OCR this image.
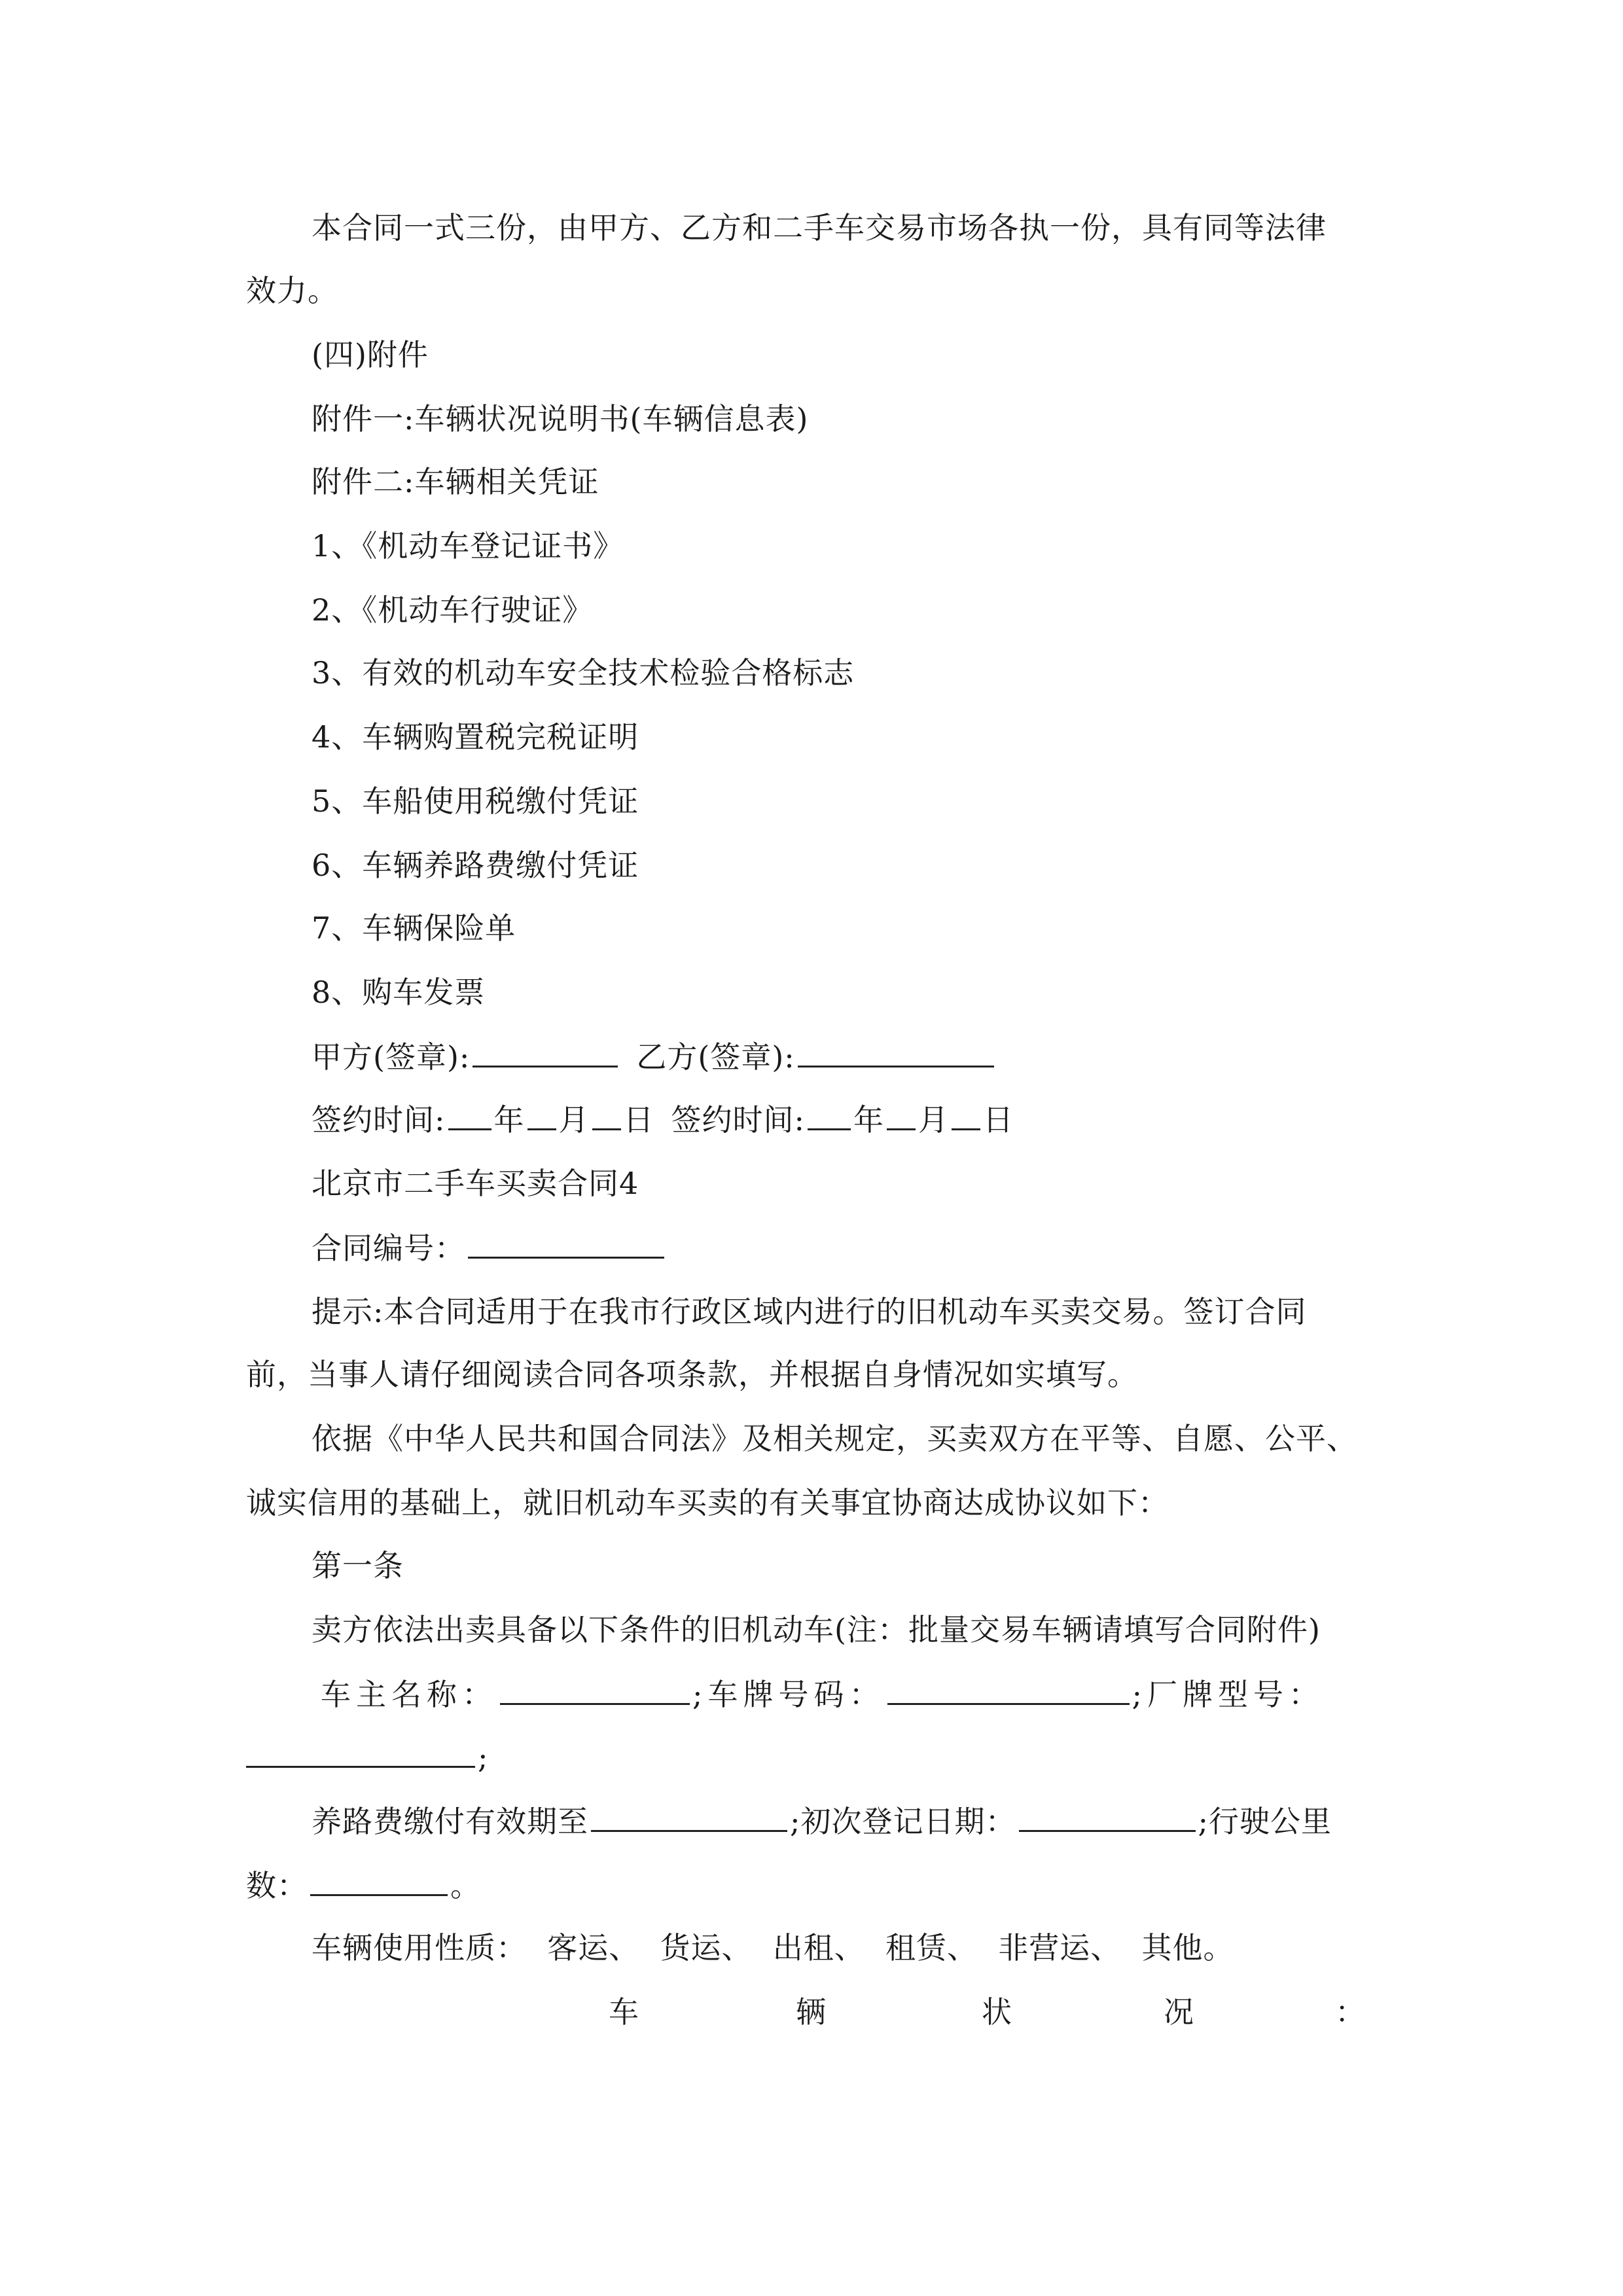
本合同一式三份，由甲方、乙方和二手车交易市场各执一份，具有同等法律
效力。
(四)附件
附件一:车辆状况说明书(车辆信息表)
附件二:车辆相关凭证
1、《机动车登记证书》
2、《机动车行驶证》
3、有效的机动车安全技术检验合格标志
4、车辆购置税完税证明
5、车船使用税缴付凭证
6、车辆养路费缴付凭证
7、车辆保险单
8、购车发票
甲方(签章):	乙方(签章):
签约时间: 年 月 日 签约时间: 年 月 日
北京市二手车买卖合同4
合同编号：
提示:本合同适用于在我市行政区域内进行的旧机动车买卖交易。签订合同
前，当事人请仔细阅读合同各项条款，并根据自身情况如实填写。
依据《中华人民共和国合同法》及相关规定，买卖双方在平等、自愿、公平、
诚实信用的基础上，就旧机动车买卖的有关事宜协商达成协议如下：
第一条
卖方依法出卖具备以下条件的旧机动车(注：批量交易车辆请填写合同附件)
车主名称：	;车牌号码：	;厂牌型号：
;
养路费缴付有效期至	;初次登记日期：	;行驶公里
数：	。
车辆使用性质：  客运、  货运、  出租、  租赁、  非营运、  其他。
车	辆	状	况	：
